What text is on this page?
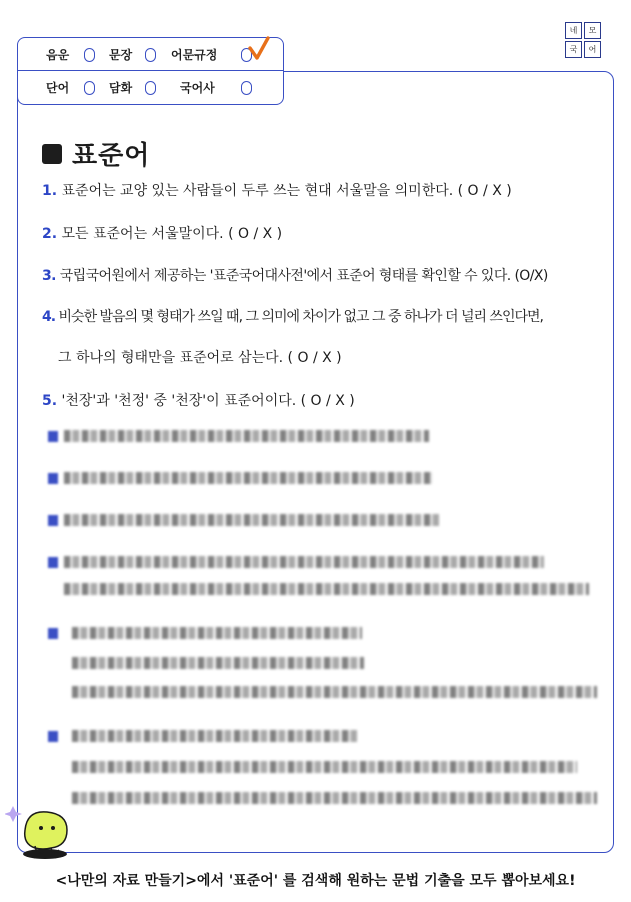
네	모
국	어
음운	문장	어문규정
단어	담화	국어사
표준어
1. 표준어는 교양 있는 사람들이 두루 쓰는 현대 서울말을 의미한다. ( O / X )
2. 모든 표준어는 서울말이다. ( O / X )
3. 국립국어원에서 제공하는 '표준국어대사전'에서 표준어 형태를 확인할 수 있다. (O/X)
4. 비슷한 발음의 몇 형태가 쓰일 때, 그 의미에 차이가 없고 그 중 하나가 더 널리 쓰인다면,
그 하나의 형태만을 표준어로 삼는다. ( O / X )
5. '천장'과 '천정' 중 '천장'이 표준어이다. ( O / X )
<나만의 자료 만들기>에서 '표준어' 를 검색해 원하는 문법 기출을 모두 뽑아보세요!
